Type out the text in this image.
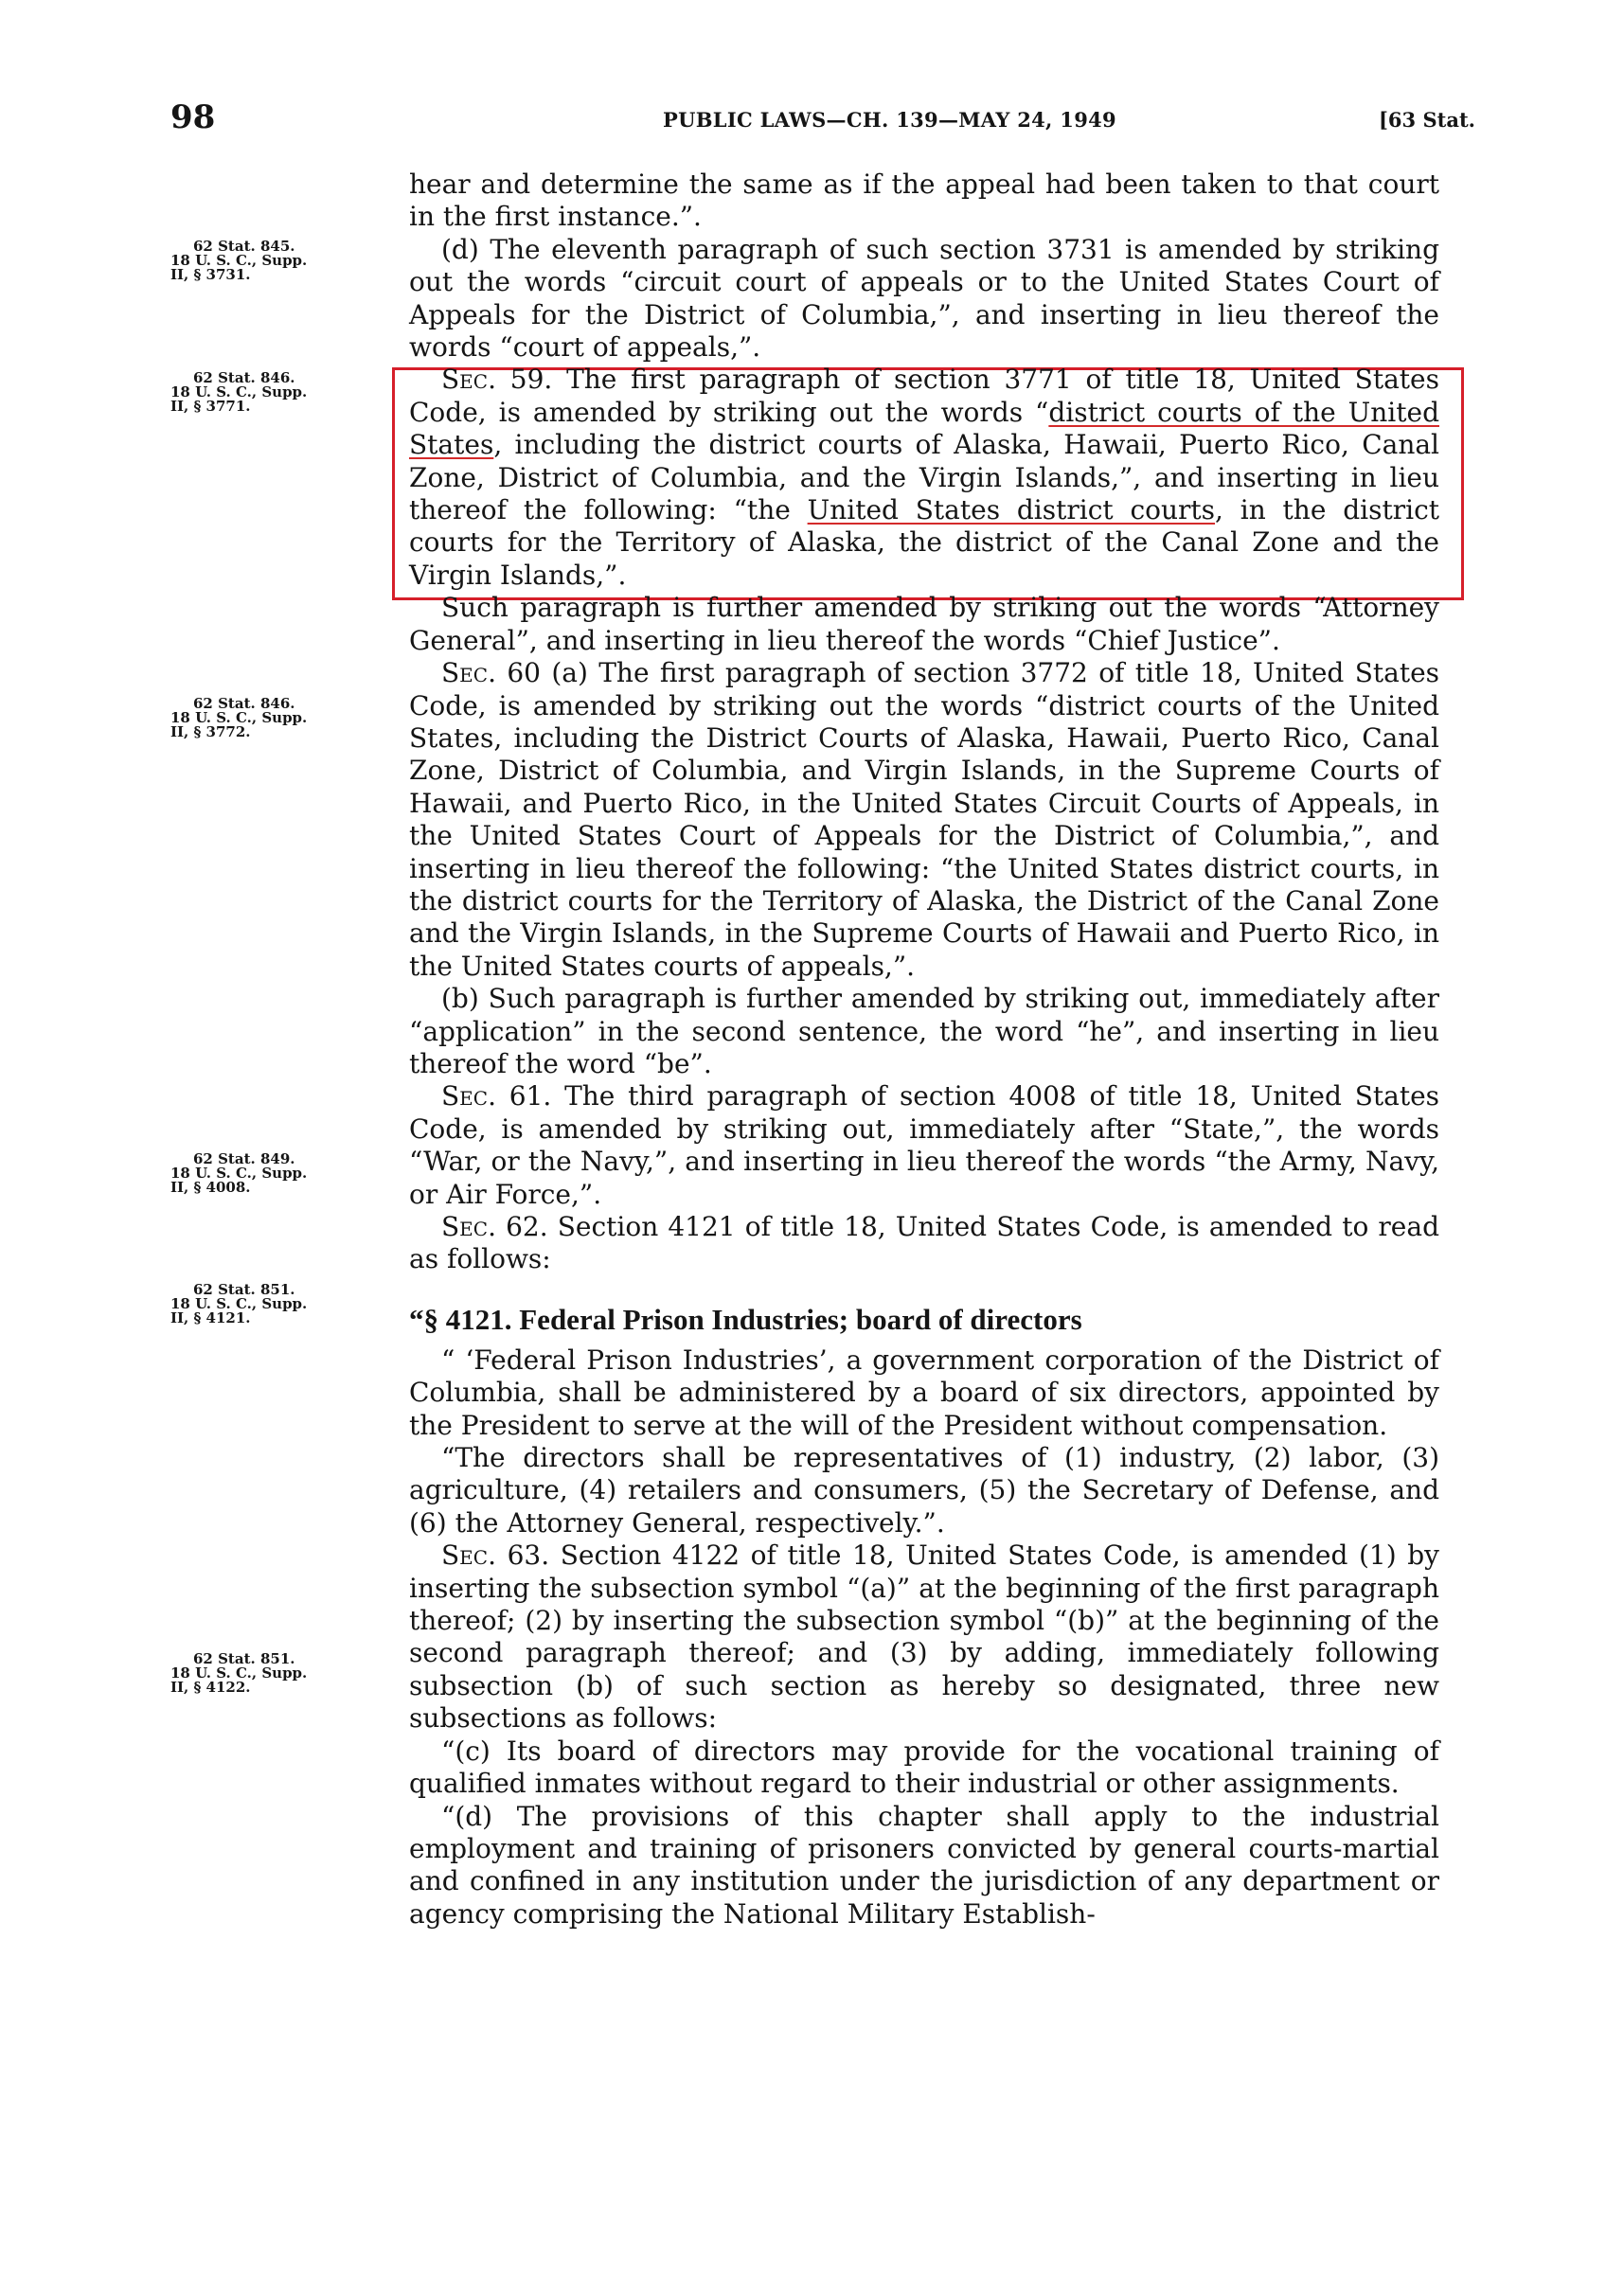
98	PUBLIC LAWS—CH. 139—MAY 24, 1949	[63 Stat.
62 Stat. 845.
18 U. S. C., Supp.
II, § 3731.
62 Stat. 846.
18 U. S. C., Supp.
II, § 3771.
62 Stat. 846.
18 U. S. C., Supp.
II, § 3772.
62 Stat. 849.
18 U. S. C., Supp.
II, § 4008.
62 Stat. 851.
18 U. S. C., Supp.
II, § 4121.
62 Stat. 851.
18 U. S. C., Supp.
II, § 4122.

hear and determine the same as if the appeal had been taken to that court in the first instance.”.

(d) The eleventh paragraph of such section 3731 is amended by striking out the words “circuit court of appeals or to the United States Court of Appeals for the District of Columbia,”, and inserting in lieu thereof the words “court of appeals,”.

Sec. 59. The first paragraph of section 3771 of title 18, United States Code, is amended by striking out the words “district courts of the United States, including the district courts of Alaska, Hawaii, Puerto Rico, Canal Zone, District of Columbia, and the Virgin Islands,”, and inserting in lieu thereof the following: “the United States district courts, in the district courts for the Territory of Alaska, the district of the Canal Zone and the Virgin Islands,”.

Such paragraph is further amended by striking out the words “Attorney General”, and inserting in lieu thereof the words “Chief Justice”.

Sec. 60 (a) The first paragraph of section 3772 of title 18, United States Code, is amended by striking out the words “district courts of the United States, including the District Courts of Alaska, Hawaii, Puerto Rico, Canal Zone, District of Columbia, and Virgin Islands, in the Supreme Courts of Hawaii, and Puerto Rico, in the United States Circuit Courts of Appeals, in the United States Court of Appeals for the District of Columbia,”, and inserting in lieu thereof the following: “the United States district courts, in the district courts for the Territory of Alaska, the District of the Canal Zone and the Virgin Islands, in the Supreme Courts of Hawaii and Puerto Rico, in the United States courts of appeals,”.

(b) Such paragraph is further amended by striking out, immediately after “application” in the second sentence, the word “he”, and inserting in lieu thereof the word “be”.

Sec. 61. The third paragraph of section 4008 of title 18, United States Code, is amended by striking out, immediately after “State,”, the words “War, or the Navy,”, and inserting in lieu thereof the words “the Army, Navy, or Air Force,”.

Sec. 62. Section 4121 of title 18, United States Code, is amended to read as follows:

“§ 4121. Federal Prison Industries; board of directors

“ ‘Federal Prison Industries’, a government corporation of the District of Columbia, shall be administered by a board of six directors, appointed by the President to serve at the will of the President without compensation.

“The directors shall be representatives of (1) industry, (2) labor, (3) agriculture, (4) retailers and consumers, (5) the Secretary of Defense, and (6) the Attorney General, respectively.”.

Sec. 63. Section 4122 of title 18, United States Code, is amended (1) by inserting the subsection symbol “(a)” at the beginning of the first paragraph thereof; (2) by inserting the subsection symbol “(b)” at the beginning of the second paragraph thereof; and (3) by adding, immediately following subsection (b) of such section as hereby so designated, three new subsections as follows:

“(c) Its board of directors may provide for the vocational training of qualified inmates without regard to their industrial or other assignments.

“(d) The provisions of this chapter shall apply to the industrial employment and training of prisoners convicted by general courts-martial and confined in any institution under the jurisdiction of any department or agency comprising the National Military Establish-
